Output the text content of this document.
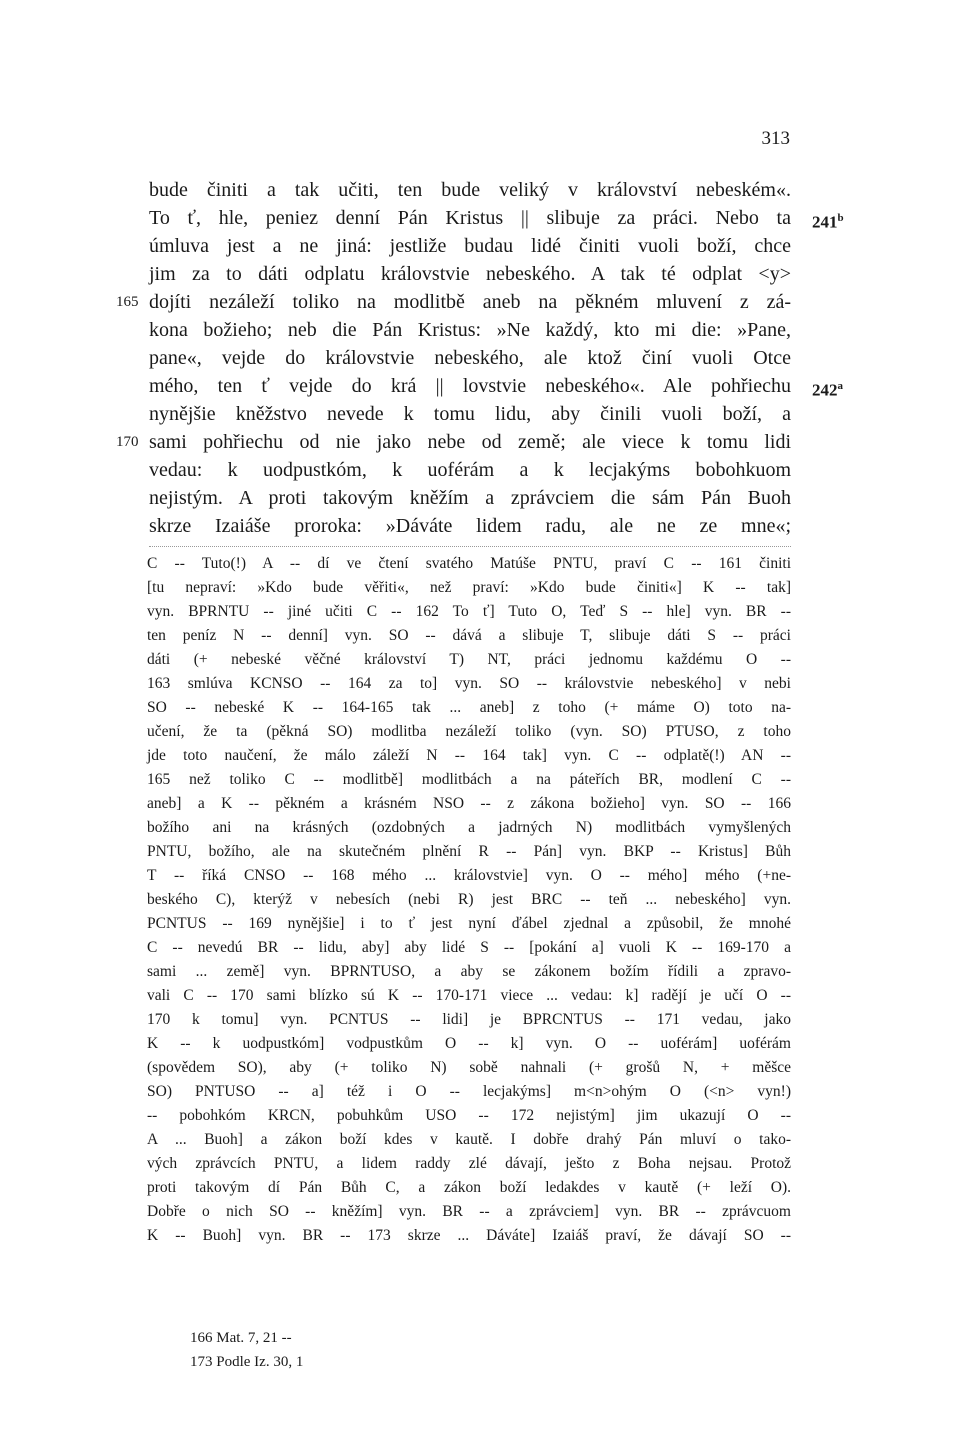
313
bude činiti a tak učiti, ten bude veliký v království nebeském«.
To ť, hle, peniez denní Pán Kristus || slibuje za práci. Nebo ta
úmluva jest a ne jiná: jestliže budau lidé činiti vuoli boží, chce
jim za to dáti odplatu královstvie nebeského. A tak té odplat <y>
dojíti nezáleží toliko na modlitbě aneb na pěkném mluvení z zá-
kona božieho; neb die Pán Kristus: »Ne každý, kto mi die: »Pane,
pane«, vejde do královstvie nebeského, ale ktož činí vuoli Otce
mého, ten ť vejde do krá || lovstvie nebeského«. Ale pohřiechu
nynějšie kněžstvo nevede k tomu lidu, aby činili vuoli boží, a
sami pohřiechu od nie jako nebe od země; ale viece k tomu lidi
vedau: k uodpustkóm, k uoférám a k lecjakýms bobohkuom
nejistým. A proti takovým kněžím a zprávciem die sám Pán Buoh
skrze Izaiáše proroka: »Dáváte lidem radu, ale ne ze mne«;
165
170
241$^b$
242$^a$
C -- Tuto(!) A -- dí ve čtení svatého Matúše PNTU, praví C -- 161 činiti
[tu nepraví: »Kdo bude věřiti«, než praví: »Kdo bude činiti«] K -- tak]
vyn. BPRNTU -- jiné učiti C -- 162 To ť] Tuto O, Teď S -- hle] vyn. BR --
ten peníz N -- denní] vyn. SO -- dává a slibuje T, slibuje dáti S -- práci
dáti (+ nebeské věčné království T) NT, práci jednomu každému O --
163 smlúva KCNSO -- 164 za to] vyn. SO -- královstvie nebeského] v nebi
SO -- nebeské K -- 164-165 tak ... aneb] z toho (+ máme O) toto na-
učení, že ta (pěkná SO) modlitba nezáleží toliko (vyn. SO) PTUSO, z toho
jde toto naučení, že málo záleží N -- 164 tak] vyn. C -- odplatě(!) AN --
165 než toliko C -- modlitbě] modlitbách a na páteřích BR, modlení C --
aneb] a K -- pěkném a krásném NSO -- z zákona božieho] vyn. SO -- 166
božího ani na krásných (ozdobných a jadrných N) modlitbách vymyšlených
PNTU, božího, ale na skutečném plnění R -- Pán] vyn. BKP -- Kristus] Bůh
T -- říká CNSO -- 168 mého ... královstvie] vyn. O -- mého] mého (+ne-
beského C), kterýž v nebesích (nebi R) jest BRC -- teň ... nebeského] vyn.
PCNTUS -- 169 nynějšie] i to ť jest nyní ďábel zjednal a způsobil, že mnohé
C -- nevedú BR -- lidu, aby] aby lidé S -- [pokání a] vuoli K -- 169-170 a
sami ... země] vyn. BPRNTUSO, a aby se zákonem božím řídili a zpravo-
vali C -- 170 sami blízko sú K -- 170-171 viece ... vedau: k] radějí je učí O --
170 k tomu] vyn. PCNTUS -- lidi] je BPRCNTUS -- 171 vedau, jako
K -- k uodpustkóm] vodpustkům O -- k] vyn. O -- uoférám] uoférám
(spovědem SO), aby (+ toliko N) sobě nahnali (+ grošů N, + měšce
SO) PNTUSO -- a] též i O -- lecjakýms] m<n>ohým O (<n> vyn!)
-- pobohkóm KRCN, pobuhkům USO -- 172 nejistým] jim ukazují O --
A ... Buoh] a zákon boží kdes v kautě. I dobře drahý Pán mluví o tako-
vých zprávcích PNTU, a lidem raddy zlé dávají, ješto z Boha nejsau. Protož
proti takovým dí Pán Bůh C, a zákon boží ledakdes v kautě (+ leží O).
Dobře o nich SO -- kněžím] vyn. BR -- a zprávciem] vyn. BR -- zprávcuom
K -- Buoh] vyn. BR -- 173 skrze ... Dáváte] Izaiáš praví, že dávají SO --
166 Mat. 7, 21 --
173 Podle Iz. 30, 1
